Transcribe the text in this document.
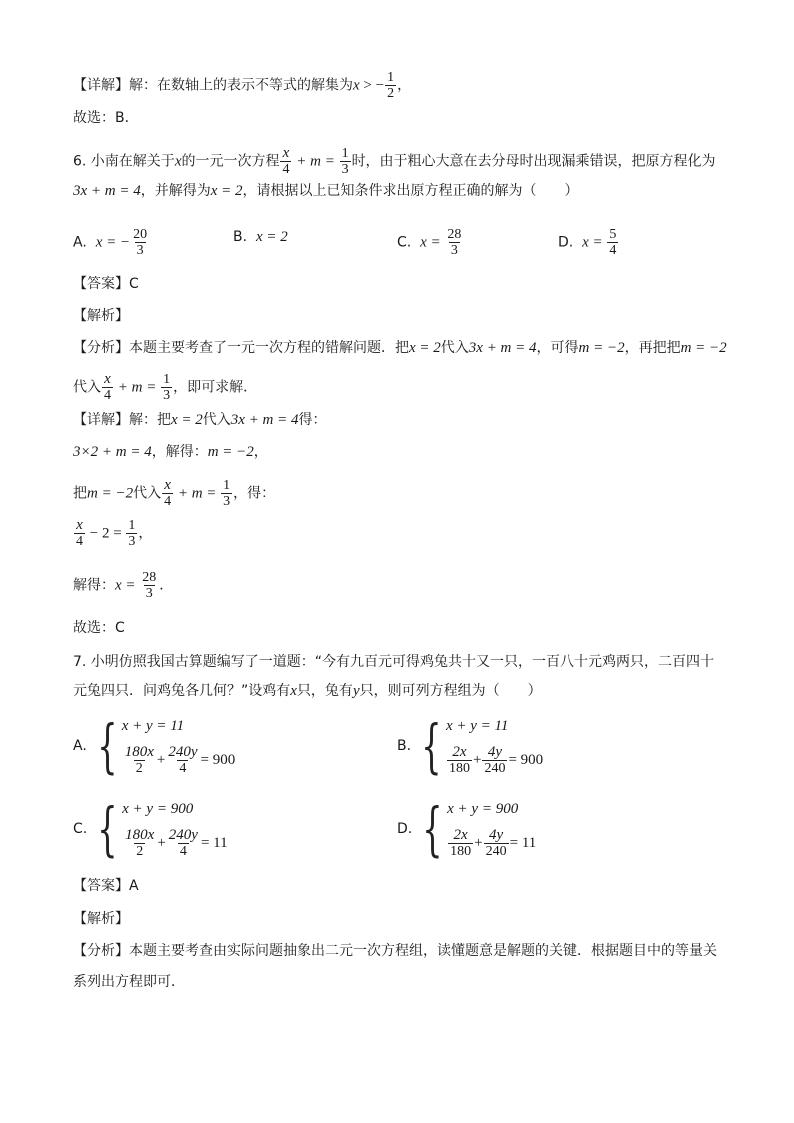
【详解】解：在数轴上的表示不等式的解集为x > − $\frac{1}{2}$ ，
故选：B．
6. 小南在解关于x的一元一次方程 $\frac{x}{4} + m = \frac{1}{3}$ 时，由于粗心大意在去分母时出现漏乘错误，把原方程化为
3x + m = 4，并解得为x = 2，请根据以上已知条件求出原方程正确的解为（　　）
A. x = − $\frac{20}{3}$	B. x = 2	C. $x = \frac{28}{3}$	D. $x = \frac{5}{4}$
【答案】C
【解析】
【分析】本题主要考查了一元一次方程的错解问题．把x = 2代入3x + m = 4，可得m = −2，再把把m = −2
代入 $\frac{x}{4} + m = \frac{1}{3}$ ，即可求解．
【详解】解：把x = 2代入3x + m = 4得：
3×2 + m = 4，解得：m = −2，
把m = −2代入 $\frac{x}{4} + m = \frac{1}{3}$ ，得：
$\frac{x}{4} - 2 = \frac{1}{3}$ ，
解得：$x = \frac{28}{3}$ ．
故选：C
7. 小明仿照我国古算题编写了一道题：“今有九百元可得鸡兔共十又一只，一百八十元鸡两只，二百四十
元兔四只．问鸡兔各几何？”设鸡有x只，兔有y只，则可列方程组为（　　）
A. { x + y = 11
$\frac{180x}{2} + \frac{240y}{4} = 900$
B. { x + y = 11
$\frac{2x}{180} + \frac{4y}{240} = 900$
C. { x + y = 900
$\frac{180x}{2} + \frac{240y}{4} = 11$
D. { x + y = 900
$\frac{2x}{180} + \frac{4y}{240} = 11$
【答案】A
【解析】
【分析】本题主要考查由实际问题抽象出二元一次方程组，读懂题意是解题的关键．根据题目中的等量关
系列出方程即可．
